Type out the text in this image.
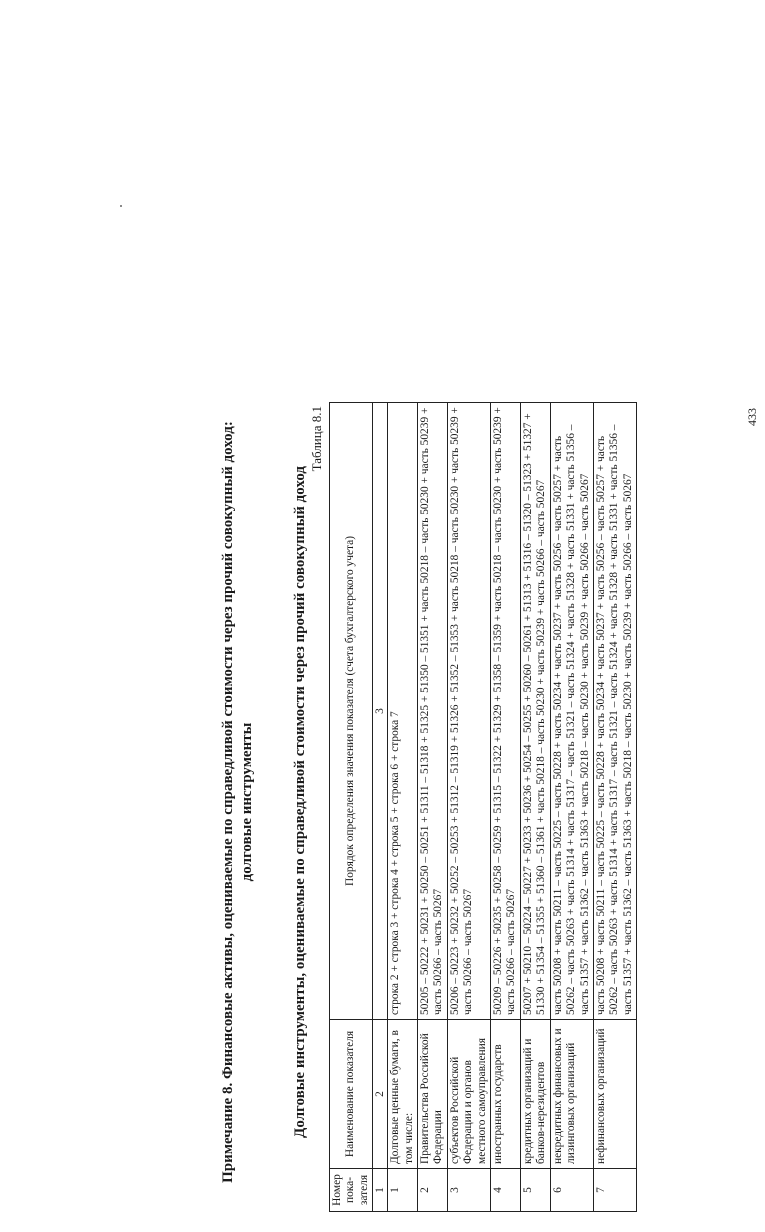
Примечание 8. Финансовые активы, оцениваемые по справедливой стоимости через прочий совокупный доход: долговые инструменты Долговые инструменты, оцениваемые по справедливой стоимости через прочий совокупный доход
Таблица 8.1
Номер пока-зателя	Наименование показателя	Порядок определения значения показателя (счета бухгалтерского учета)
1	2	3
1	Долговые ценные бумаги, в том числе:	строка 2 + строка 3 + строка 4 + строка 5 + строка 6 + строка 7
2	Правительства Российской Федерации	50205 – 50222 + 50231 + 50250 – 50251 + 51311 – 51318 + 51325 + 51350 – 51351 + часть 50218 – часть 50230 + часть 50239 + часть 50266 – часть 50267
3	субъектов Российской Федерации и органов местного самоуправления	50206 – 50223 + 50232 + 50252 – 50253 + 51312 – 51319 + 51326 + 51352 – 51353 + часть 50218 – часть 50230 + часть 50239 + часть 50266 – часть 50267
4	иностранных государств	50209 – 50226 + 50235 + 50258 – 50259 + 51315 – 51322 + 51329 + 51358 – 51359 + часть 50218 – часть 50230 + часть 50239 + часть 50266 – часть 50267
5	кредитных организаций и банков-нерезидентов	50207 + 50210 – 50224 – 50227 + 50233 + 50236 + 50254 – 50255 + 50260 – 50261 + 51313 + 51316 – 51320 – 51323 + 51327 + 51330 + 51354 – 51355 + 51360 – 51361 + часть 50218 – часть 50230 + часть 50239 + часть 50266 – часть 50267
6	некредитных финансовых и лизинговых организаций	часть 50208 + часть 50211 – часть 50225 – часть 50228 + часть 50234 + часть 50237 + часть 50256 – часть 50257 + часть 50262 – часть 50263 + часть 51314 + часть 51317 – часть 51321 – часть 51324 + часть 51328 + часть 51331 + часть 51356 – часть 51357 + часть 51362 – часть 51363 + часть 50218 – часть 50230 + часть 50239 + часть 50266 – часть 50267
7	нефинансовых организаций	часть 50208 + часть 50211 – часть 50225 – часть 50228 + часть 50234 + часть 50237 + часть 50256 – часть 50257 + часть 50262 – часть 50263 + часть 51314 + часть 51317 – часть 51321 – часть 51324 + часть 51328 + часть 51331 + часть 51356 – часть 51357 + часть 51362 – часть 51363 + часть 50218 – часть 50230 + часть 50239 + часть 50266 – часть 50267
433
